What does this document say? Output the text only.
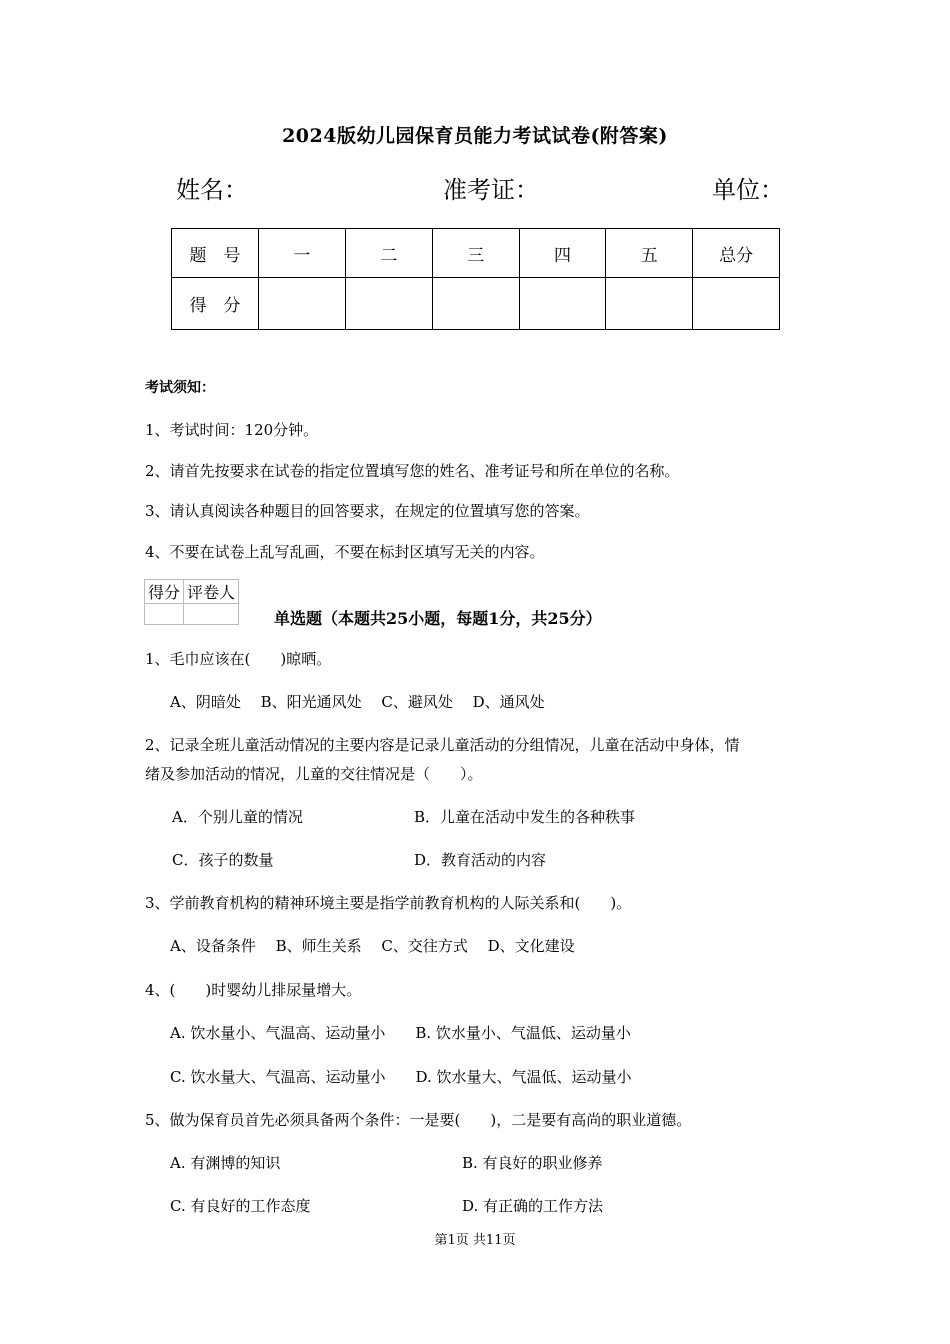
2024版幼儿园保育员能力考试试卷(附答案)
姓名：	准考证：	单位：
题　号	一	二	三	四	五	总分
得　分						
考试须知：
1、考试时间：120分钟。
2、请首先按要求在试卷的指定位置填写您的姓名、准考证号和所在单位的名称。
3、请认真阅读各种题目的回答要求，在规定的位置填写您的答案。
4、不要在试卷上乱写乱画，不要在标封区填写无关的内容。
得分	评卷人

单选题（本题共25小题，每题1分，共25分）
1、毛巾应该在(　　)晾晒。
A、阴暗处　 B、阳光通风处　 C、避风处　 D、通风处
2、记录全班儿童活动情况的主要内容是记录儿童活动的分组情况，儿童在活动中身体，情
绪及参加活动的情况，儿童的交往情况是（　　）。
A．个别儿童的情况	B．儿童在活动中发生的各种秩事
C．孩子的数量	D．教育活动的内容
3、学前教育机构的精神环境主要是指学前教育机构的人际关系和(　　)。
A、设备条件　 B、师生关系　 C、交往方式　 D、文化建设
4、(　　)时婴幼儿排尿量增大。
A. 饮水量小、气温高、运动量小　　B. 饮水量小、气温低、运动量小
C. 饮水量大、气温高、运动量小　　D. 饮水量大、气温低、运动量小
5、做为保育员首先必须具备两个条件：一是要(　　)，二是要有高尚的职业道德。
A. 有渊博的知识	B. 有良好的职业修养
C. 有良好的工作态度	D. 有正确的工作方法
第1页 共11页
